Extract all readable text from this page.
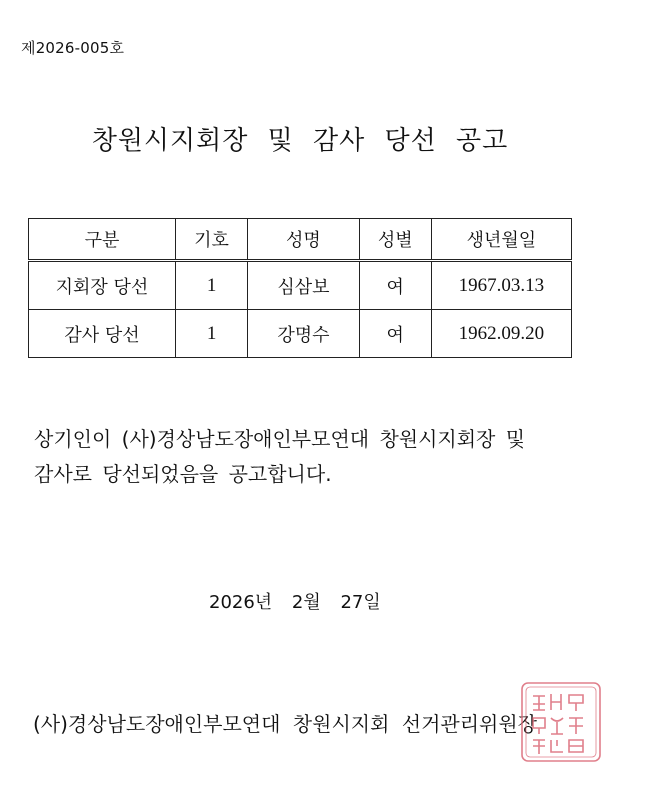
제2026-005호
창원시지회장 및 감사 당선 공고
구분	기호	성명	성별	생년월일
지회장 당선	1	심삼보	여	1967.03.13
감사 당선	1	강명수	여	1962.09.20

상기인이 (사)경상남도장애인부모연대 창원시지회장 및

감사로 당선되었음을 공고합니다.

2026년 2월 27일
(사)경상남도장애인부모연대 창원시지회 선거관리위원장
